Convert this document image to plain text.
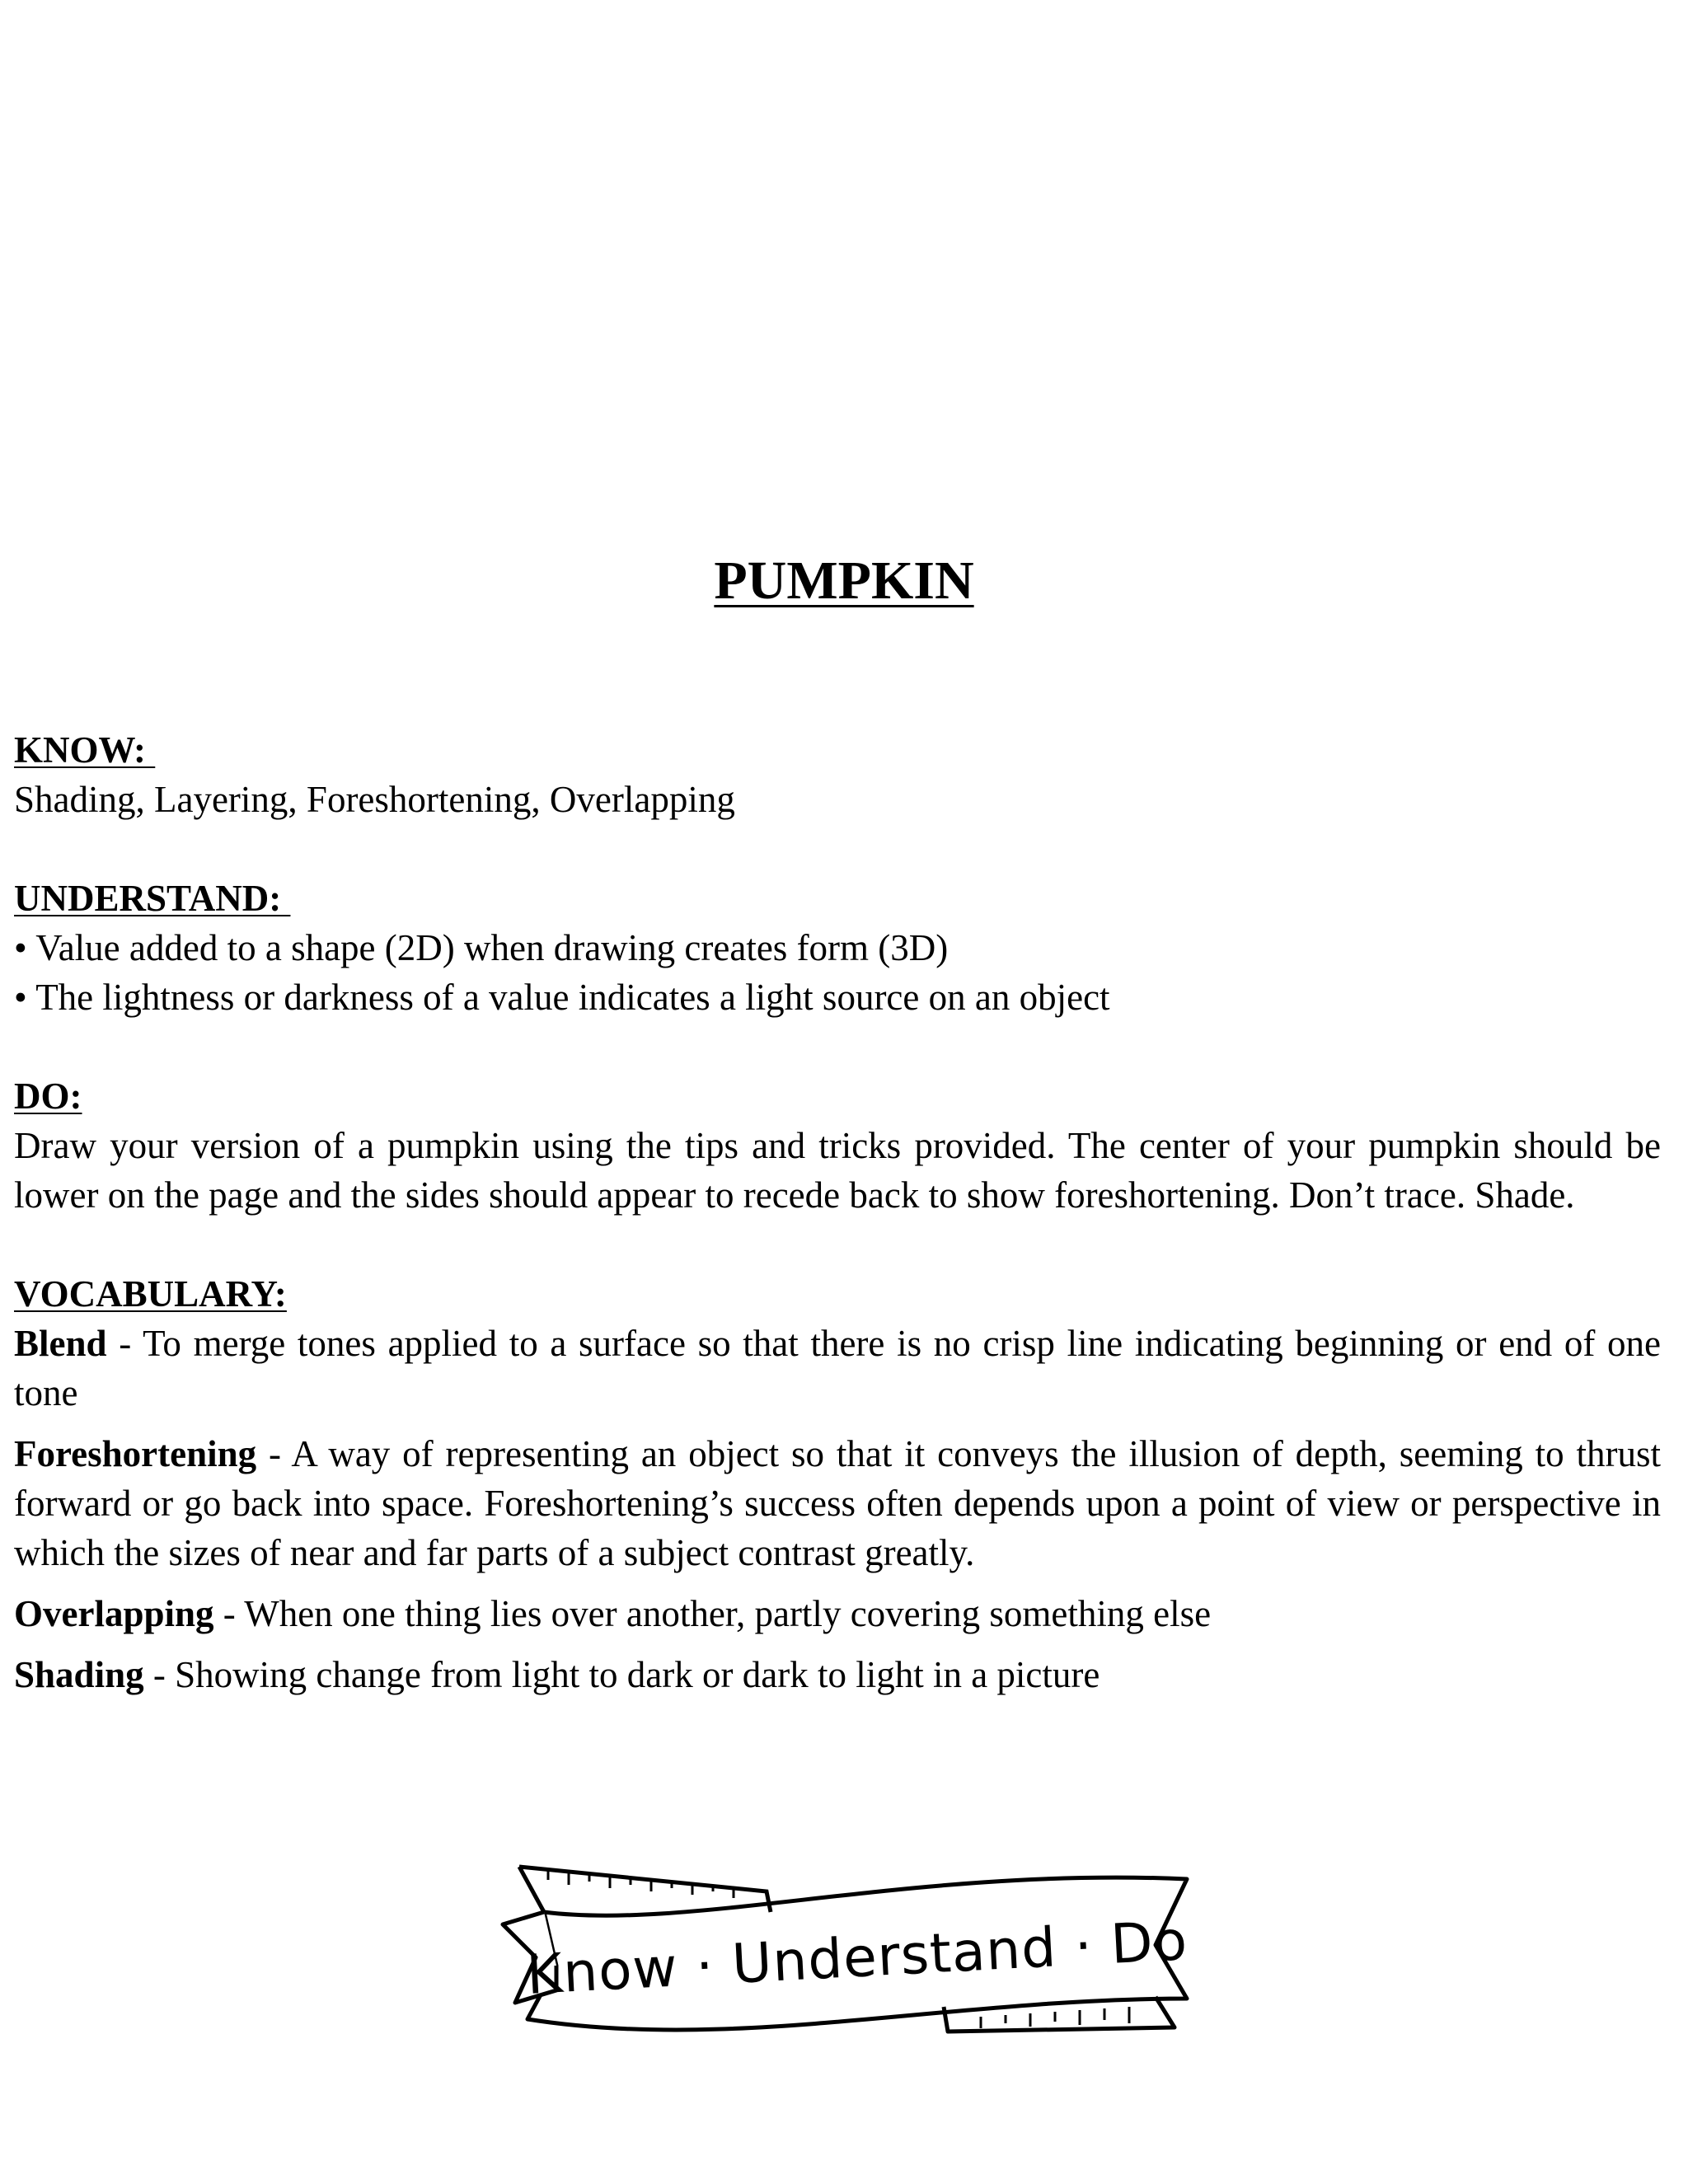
PUMPKIN
KNOW:
Shading, Layering, Foreshortening, Overlapping
UNDERSTAND:
• Value added to a shape (2D) when drawing creates form (3D)
• The lightness or darkness of a value indicates a light source on an object
DO:
Draw your version of a pumpkin using the tips and tricks provided. The center of your pumpkin should be lower on the page and the sides should appear to recede back to show foreshortening. Don’t trace. Shade.
VOCABULARY:
Blend - To merge tones applied to a surface so that there is no crisp line indicating beginning or end of one tone
Foreshortening - A way of representing an object so that it conveys the illusion of depth, seeming to thrust forward or go back into space. Foreshortening’s success often depends upon a point of view or perspective in which the sizes of near and far parts of a subject contrast greatly.
Overlapping - When one thing lies over another, partly covering something else
Shading - Showing change from light to dark or dark to light in a picture
Know · Understand · Do
